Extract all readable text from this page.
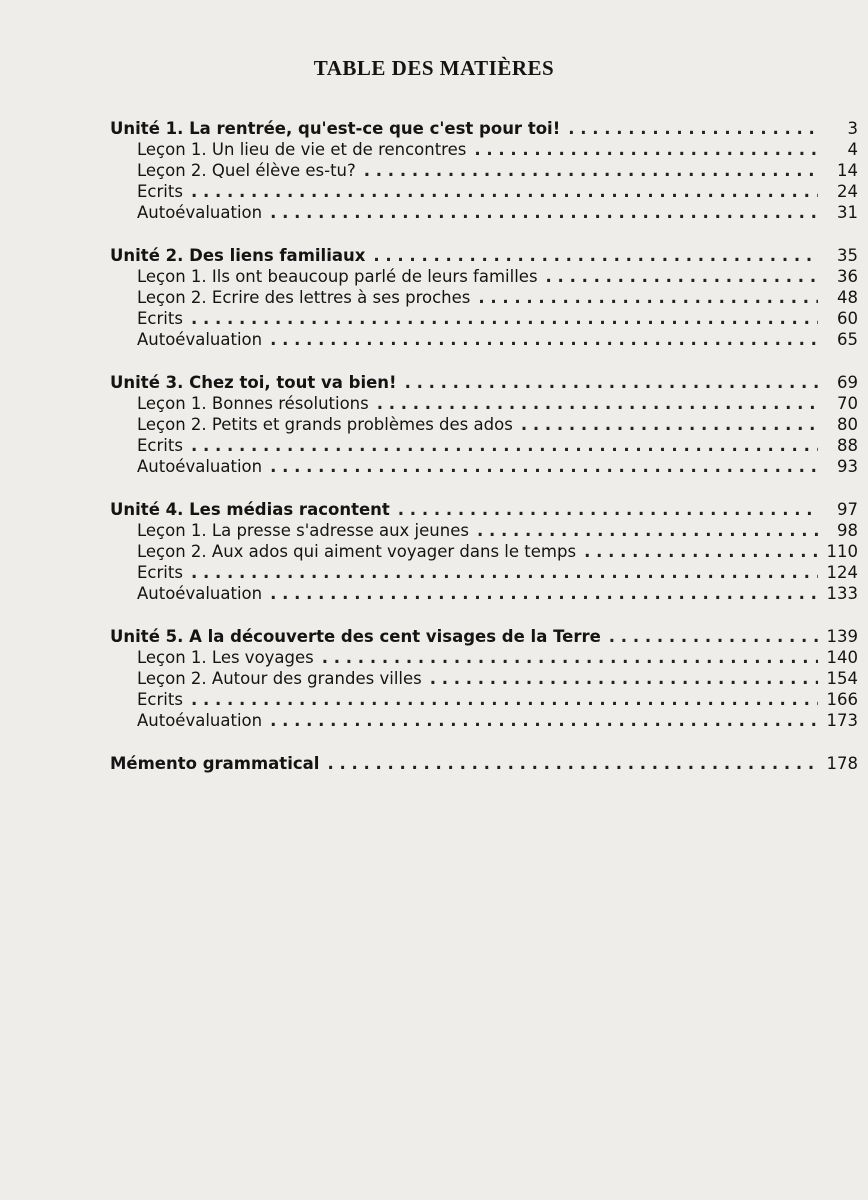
TABLE DES MATIÈRES
Unité 1. La rentrée, qu'est-ce que c'est pour toi! . . .	3
Leçon 1. Un lieu de vie et de rencontres . . .	4
Leçon 2. Quel élève es-tu? . . .	14
Ecrits . . .	24
Autoévaluation . . .	31
Unité 2. Des liens familiaux . . .	35
Leçon 1. Ils ont beaucoup parlé de leurs familles . . .	36
Leçon 2. Ecrire des lettres à ses proches . . .	48
Ecrits . . .	60
Autoévaluation . . .	65
Unité 3. Chez toi, tout va bien! . . .	69
Leçon 1. Bonnes résolutions . . .	70
Leçon 2. Petits et grands problèmes des ados . . .	80
Ecrits . . .	88
Autoévaluation . . .	93
Unité 4. Les médias racontent . . .	97
Leçon 1. La presse s'adresse aux jeunes . . .	98
Leçon 2. Aux ados qui aiment voyager dans le temps . . .	110
Ecrits . . .	124
Autoévaluation . . .	133
Unité 5. A la découverte des cent visages de la Terre . . .	139
Leçon 1. Les voyages . . .	140
Leçon 2. Autour des grandes villes . . .	154
Ecrits . . .	166
Autoévaluation . . .	173
Mémento grammatical . . .	178
